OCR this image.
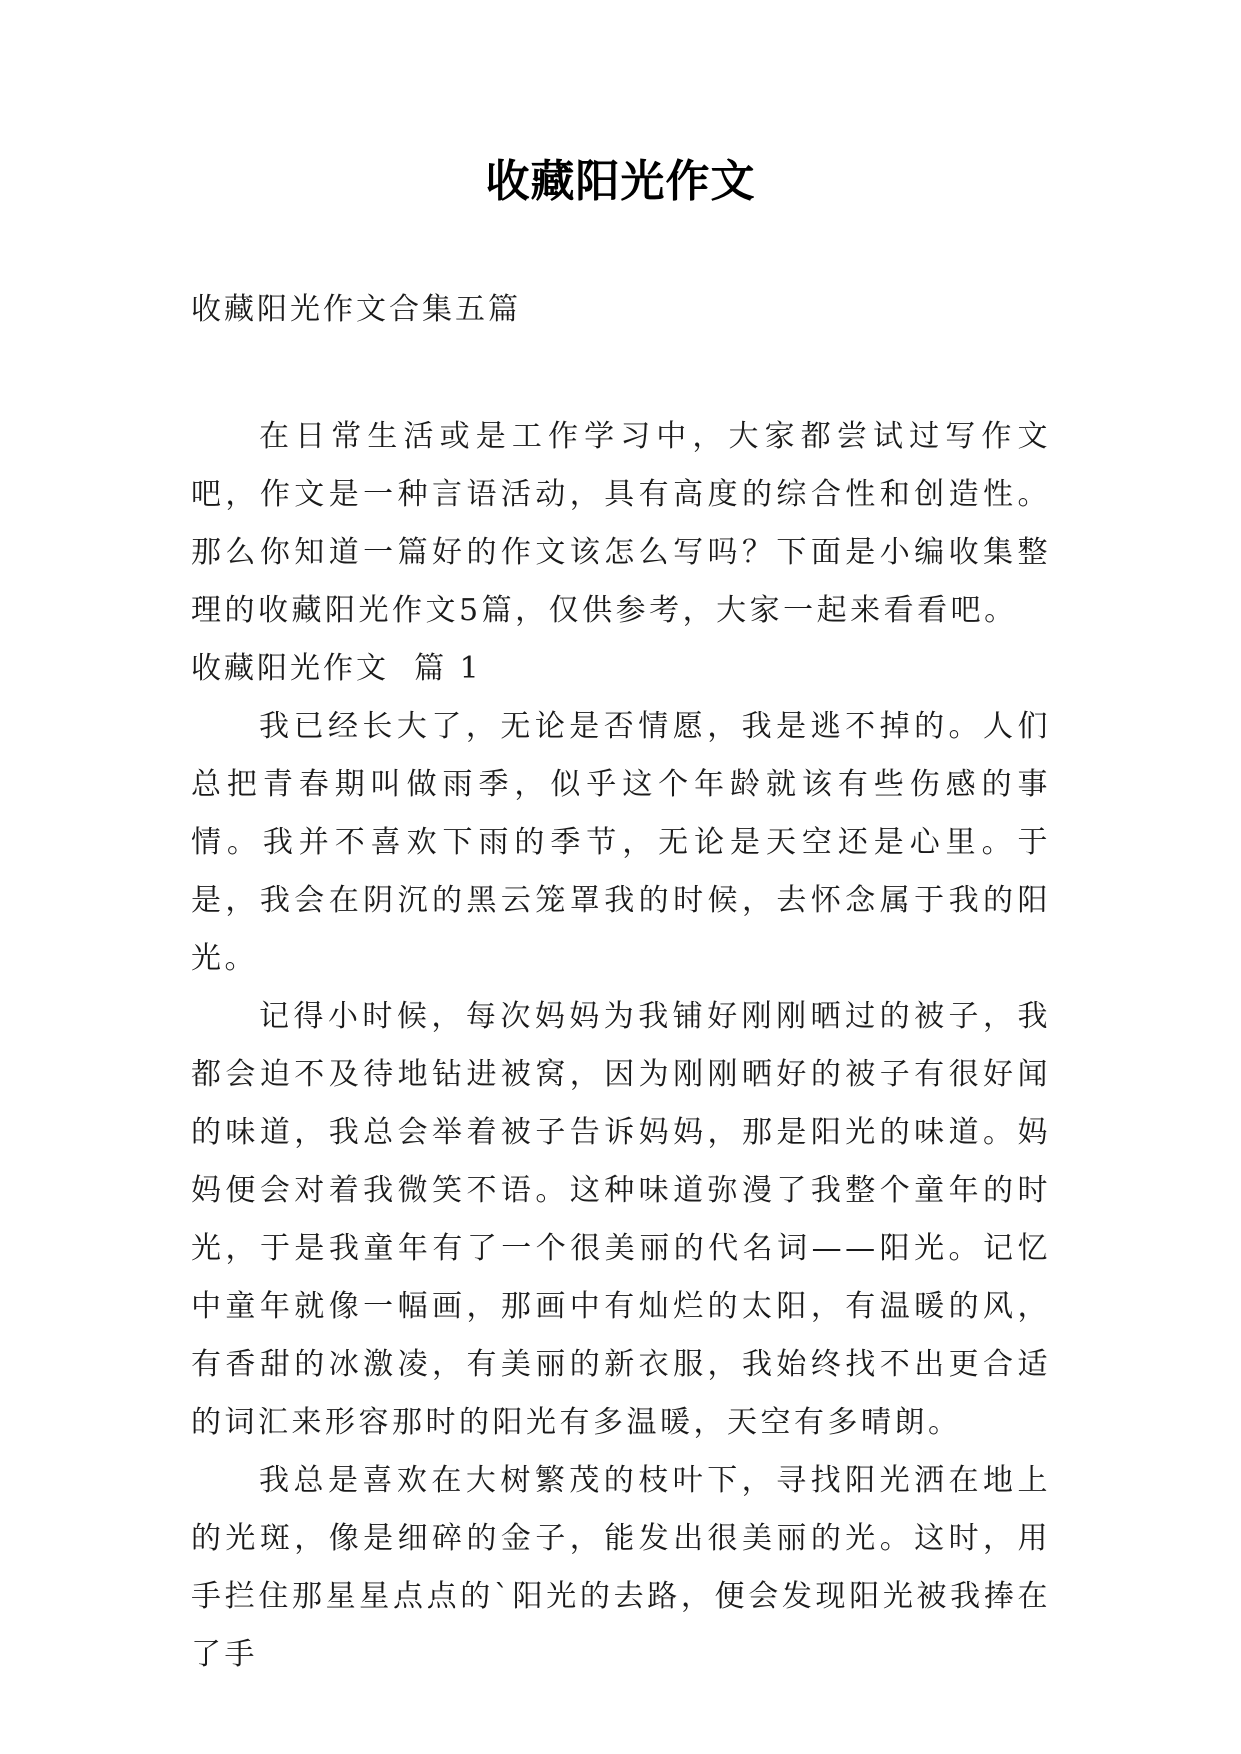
收藏阳光作文
收藏阳光作文合集五篇

在日常生活或是工作学习中，大家都尝试过写作文吧，作文是一种言语活动，具有高度的综合性和创造性。那么你知道一篇好的作文该怎么写吗？下面是小编收集整理的收藏阳光作文5篇，仅供参考，大家一起来看看吧。

收藏阳光作文  篇 1

我已经长大了，无论是否情愿，我是逃不掉的。人们总把青春期叫做雨季，似乎这个年龄就该有些伤感的事情。我并不喜欢下雨的季节，无论是天空还是心里。于是，我会在阴沉的黑云笼罩我的时候，去怀念属于我的阳光。

记得小时候，每次妈妈为我铺好刚刚晒过的被子，我都会迫不及待地钻进被窝，因为刚刚晒好的被子有很好闻的味道，我总会举着被子告诉妈妈，那是阳光的味道。妈妈便会对着我微笑不语。这种味道弥漫了我整个童年的时光，于是我童年有了一个很美丽的代名词——阳光。记忆中童年就像一幅画，那画中有灿烂的太阳，有温暖的风，有香甜的冰激凌，有美丽的新衣服，我始终找不出更合适的词汇来形容那时的阳光有多温暖，天空有多晴朗。

我总是喜欢在大树繁茂的枝叶下，寻找阳光洒在地上的光斑，像是细碎的金子，能发出很美丽的光。这时，用手拦住那星星点点的`阳光的去路，便会发现阳光被我捧在了手
